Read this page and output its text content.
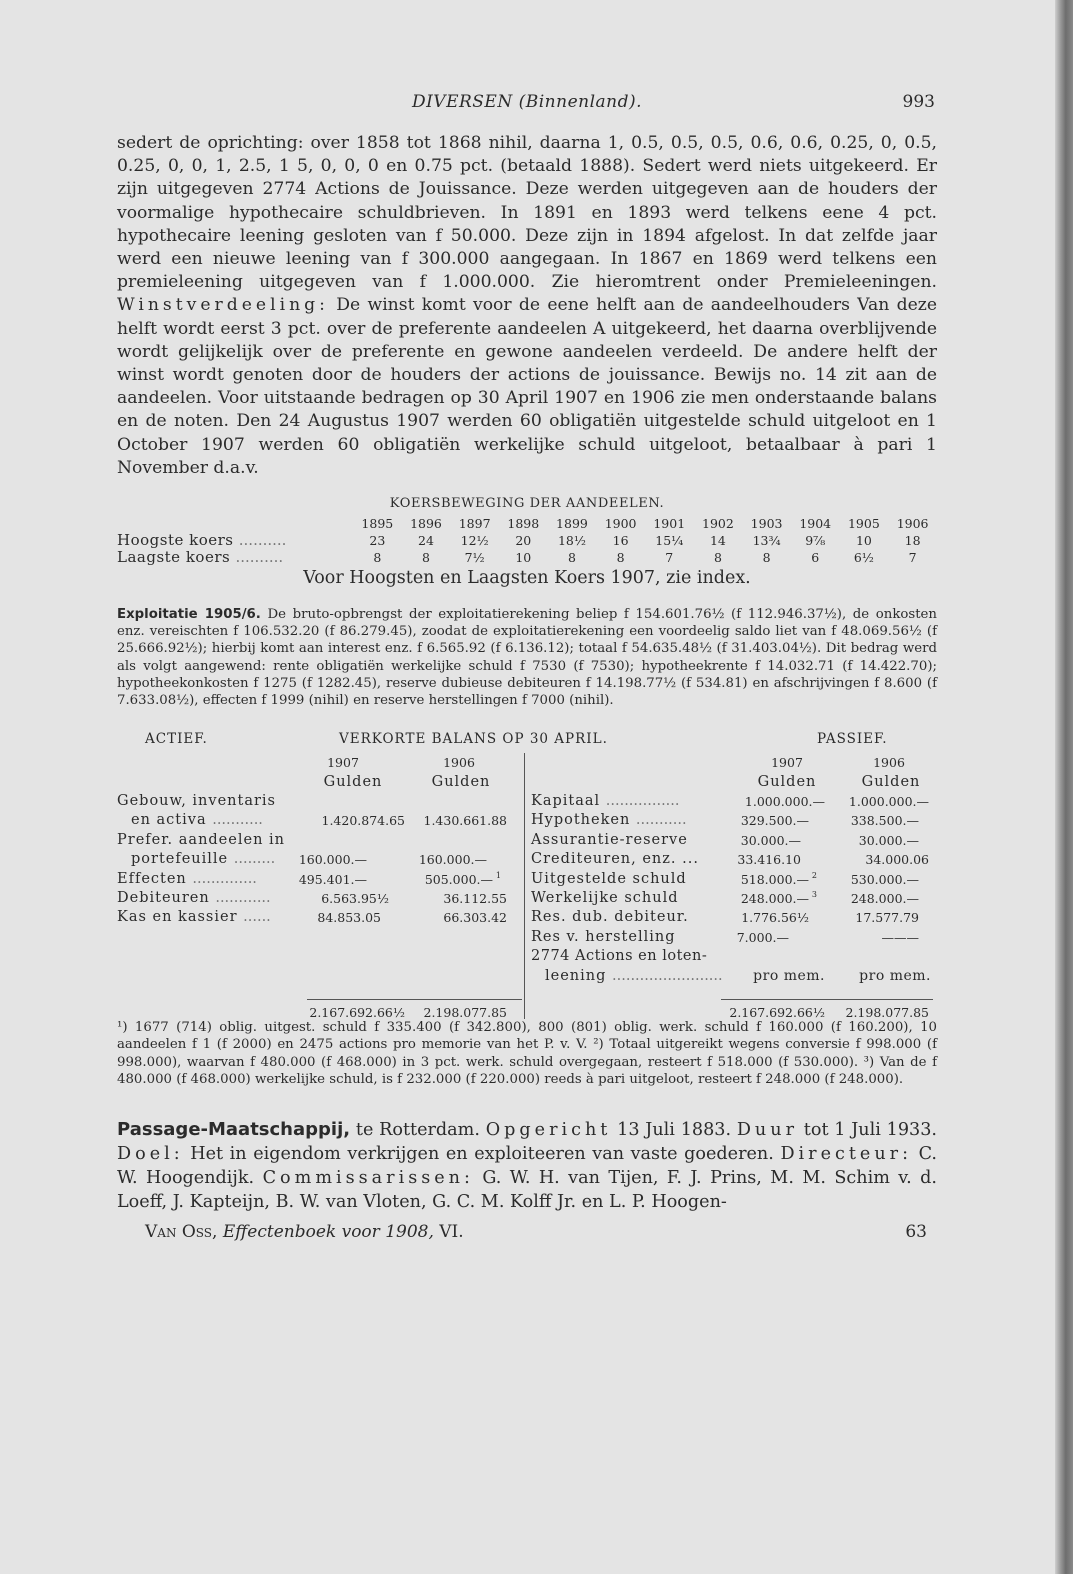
DIVERSEN (Binnenland).	993

sedert de oprichting: over 1858 tot 1868 nihil, daarna 1, 0.5, 0.5, 0.5, 0.6, 0.6, 0.25, 0, 0.5, 0.25, 0, 0, 1, 2.5, 1 5, 0, 0, 0 en 0.75 pct. (betaald 1888). Sedert werd niets uitgekeerd. Er zijn uitgegeven 2774 Actions de Jouissance. Deze werden uitgegeven aan de houders der voormalige hypothecaire schuldbrieven. In 1891 en 1893 werd telkens eene 4 pct. hypothecaire leening gesloten van f 50.000. Deze zijn in 1894 afgelost. In dat zelfde jaar werd een nieuwe leening van f 300.000 aangegaan. In 1867 en 1869 werd telkens een premieleening uitgegeven van f 1.000.000. Zie hieromtrent onder Premieleeningen. Winstverdeeling: De winst komt voor de eene helft aan de aandeelhouders Van deze helft wordt eerst 3 pct. over de preferente aandeelen A uitgekeerd, het daarna overblijvende wordt gelijkelijk over de preferente en gewone aandeelen verdeeld. De andere helft der winst wordt genoten door de houders der actions de jouissance. Bewijs no. 14 zit aan de aandeelen. Voor uitstaande bedragen op 30 April 1907 en 1906 zie men onderstaande balans en de noten. Den 24 Augustus 1907 werden 60 obligatiën uitgestelde schuld uitgeloot en 1 October 1907 werden 60 obligatiën werkelijke schuld uitgeloot, betaalbaar à pari 1 November d.a.v.

KOERSBEWEGING DER AANDEELEN.
	1895	1896	1897	1898	1899	1900	1901	1902	1903	1904	1905	1906
Hoogste koers ..........	23	24	12½	20	18½	16	15¼	14	13¾	9⅞	10	18
Laagste koers ..........	8	8	7½	10	8	8	7	8	8	6	6½	7
Voor Hoogsten en Laagsten Koers 1907, zie index.

Exploitatie 1905/6. De bruto-opbrengst der exploitatierekening beliep f 154.601.76½ (f 112.946.37½), de onkosten enz. vereischten f 106.532.20 (f 86.279.45), zoodat de exploitatierekening een voordeelig saldo liet van f 48.069.56½ (f 25.666.92½); hierbij komt aan interest enz. f 6.565.92 (f 6.136.12); totaal f 54.635.48½ (f 31.403.04½). Dit bedrag werd als volgt aangewend: rente obligatiën werkelijke schuld f 7530 (f 7530); hypotheekrente f 14.032.71 (f 14.422.70); hypotheekonkosten f 1275 (f 1282.45), reserve dubieuse debiteuren f 14.198.77½ (f 534.81) en afschrijvingen f 8.600 (f 7.633.08½), effecten f 1999 (nihil) en reserve herstellingen f 7000 (nihil).

ACTIEF.	VERKORTE BALANS OP 30 APRIL.	PASSIEF.
1907	1906
Gulden	Gulden
Gebouw, inventaris
en activa ...........	1.420.874.65 1.430.661.88
Prefer. aandeelen in
portefeuille ......... 160.000.—	160.000.—
Effecten ..............	495.401.—	505.000.— 1
Debiteuren ............	6.563.95½	36.112.55
Kas en kassier ......	84.853.05	66.303.42
2.167.692.66½ 2.198.077.85
1907	1906
Gulden	Gulden
Kapitaal ................	1.000.000.— 1.000.000.—
Hypotheken ...........	329.500.—	338.500.—
Assurantie-reserve	30.000.—	30.000.—
Crediteuren, enz. ...	33.416.10	34.000.06
Uitgestelde schuld	518.000.— 2	530.000.—
Werkelijke schuld	248.000.— 3	248.000.—
Res. dub. debiteur.	1.776.56½	17.577.79
Res v. herstelling	7.000.—	———
2774 Actions en loten-
leening ........................ pro mem. pro mem.
2.167.692.66½ 2.198.077.85

¹) 1677 (714) oblig. uitgest. schuld f 335.400 (f 342.800), 800 (801) oblig. werk. schuld f 160.000 (f 160.200), 10 aandeelen f 1 (f 2000) en 2475 actions pro memorie van het P. v. V. ²) Totaal uitgereikt wegens conversie f 998.000 (f 998.000), waarvan f 480.000 (f 468.000) in 3 pct. werk. schuld overgegaan, resteert f 518.000 (f 530.000). ³) Van de f 480.000 (f 468.000) werkelijke schuld, is f 232.000 (f 220.000) reeds à pari uitgeloot, resteert f 248.000 (f 248.000).

Passage-Maatschappij, te Rotterdam. Opgericht 13 Juli 1883. Duur tot 1 Juli 1933. Doel: Het in eigendom verkrijgen en exploiteeren van vaste goederen. Directeur: C. W. Hoogendijk. Commissarissen: G. W. H. van Tijen, F. J. Prins, M. M. Schim v. d. Loeff, J. Kapteijn, B. W. van Vloten, G. C. M. Kolff Jr. en L. P. Hoogen-

Van Oss, Effectenboek voor 1908, VI.	63
